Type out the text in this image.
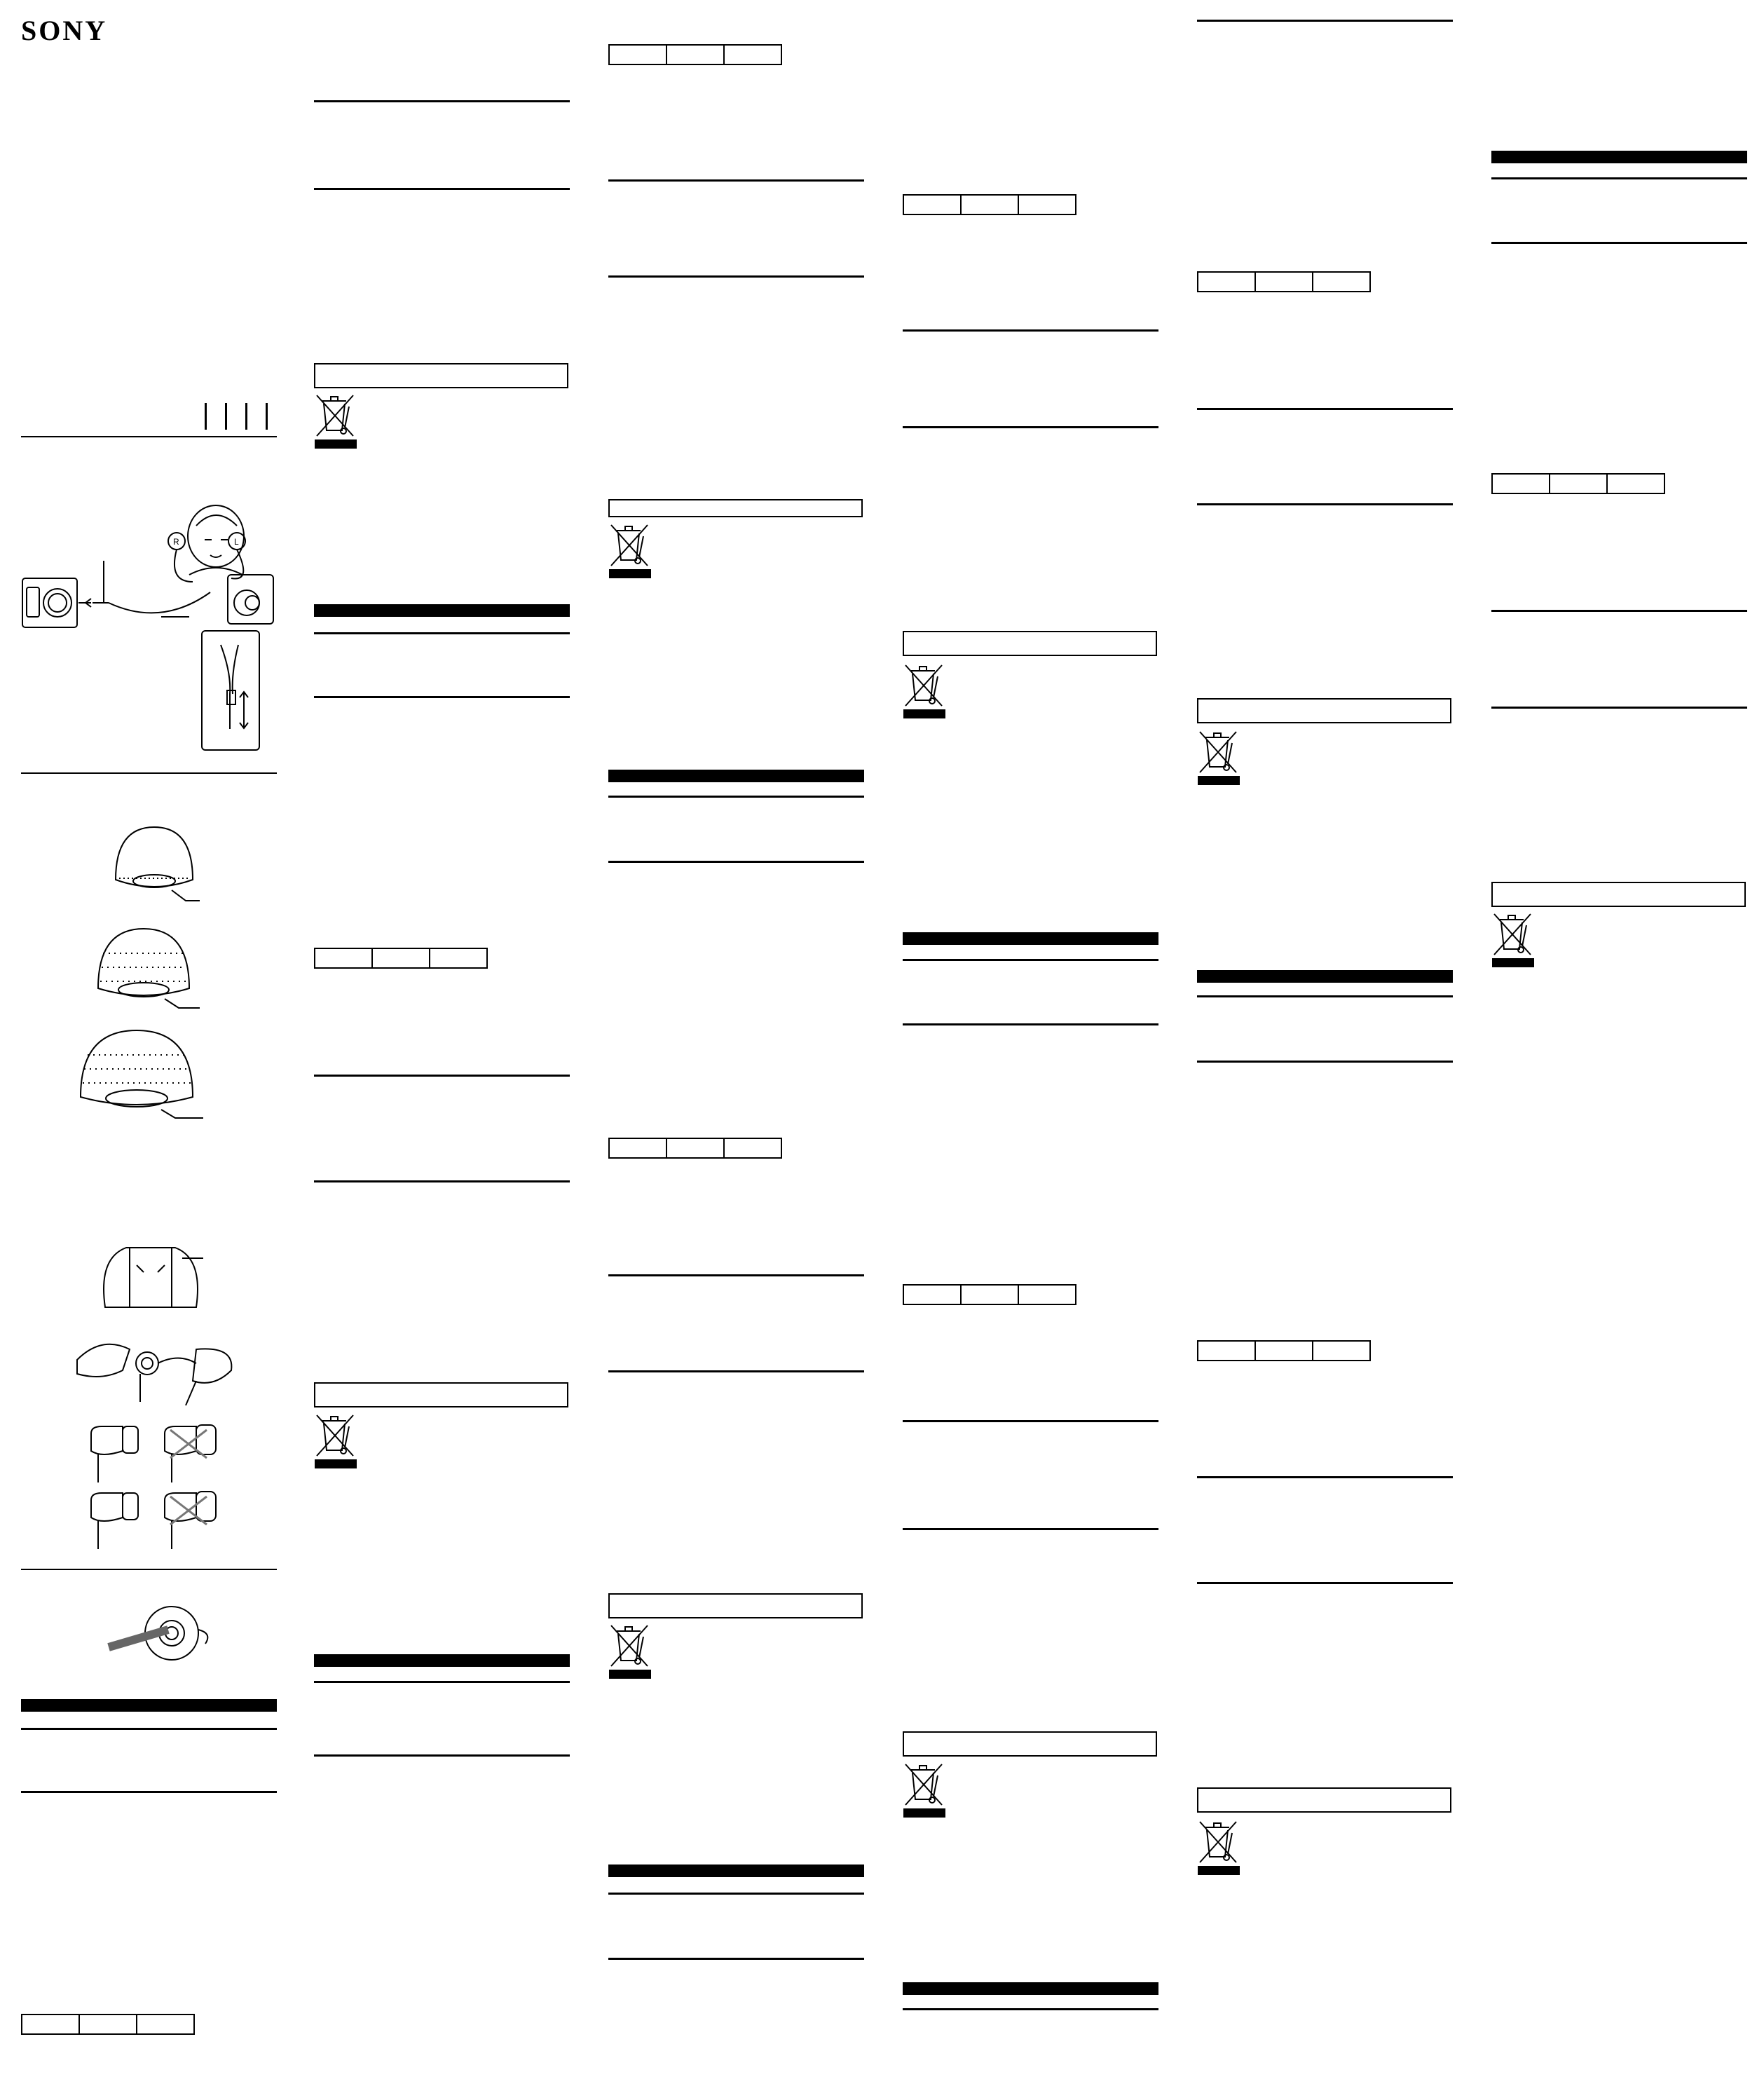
SONY
R	L
